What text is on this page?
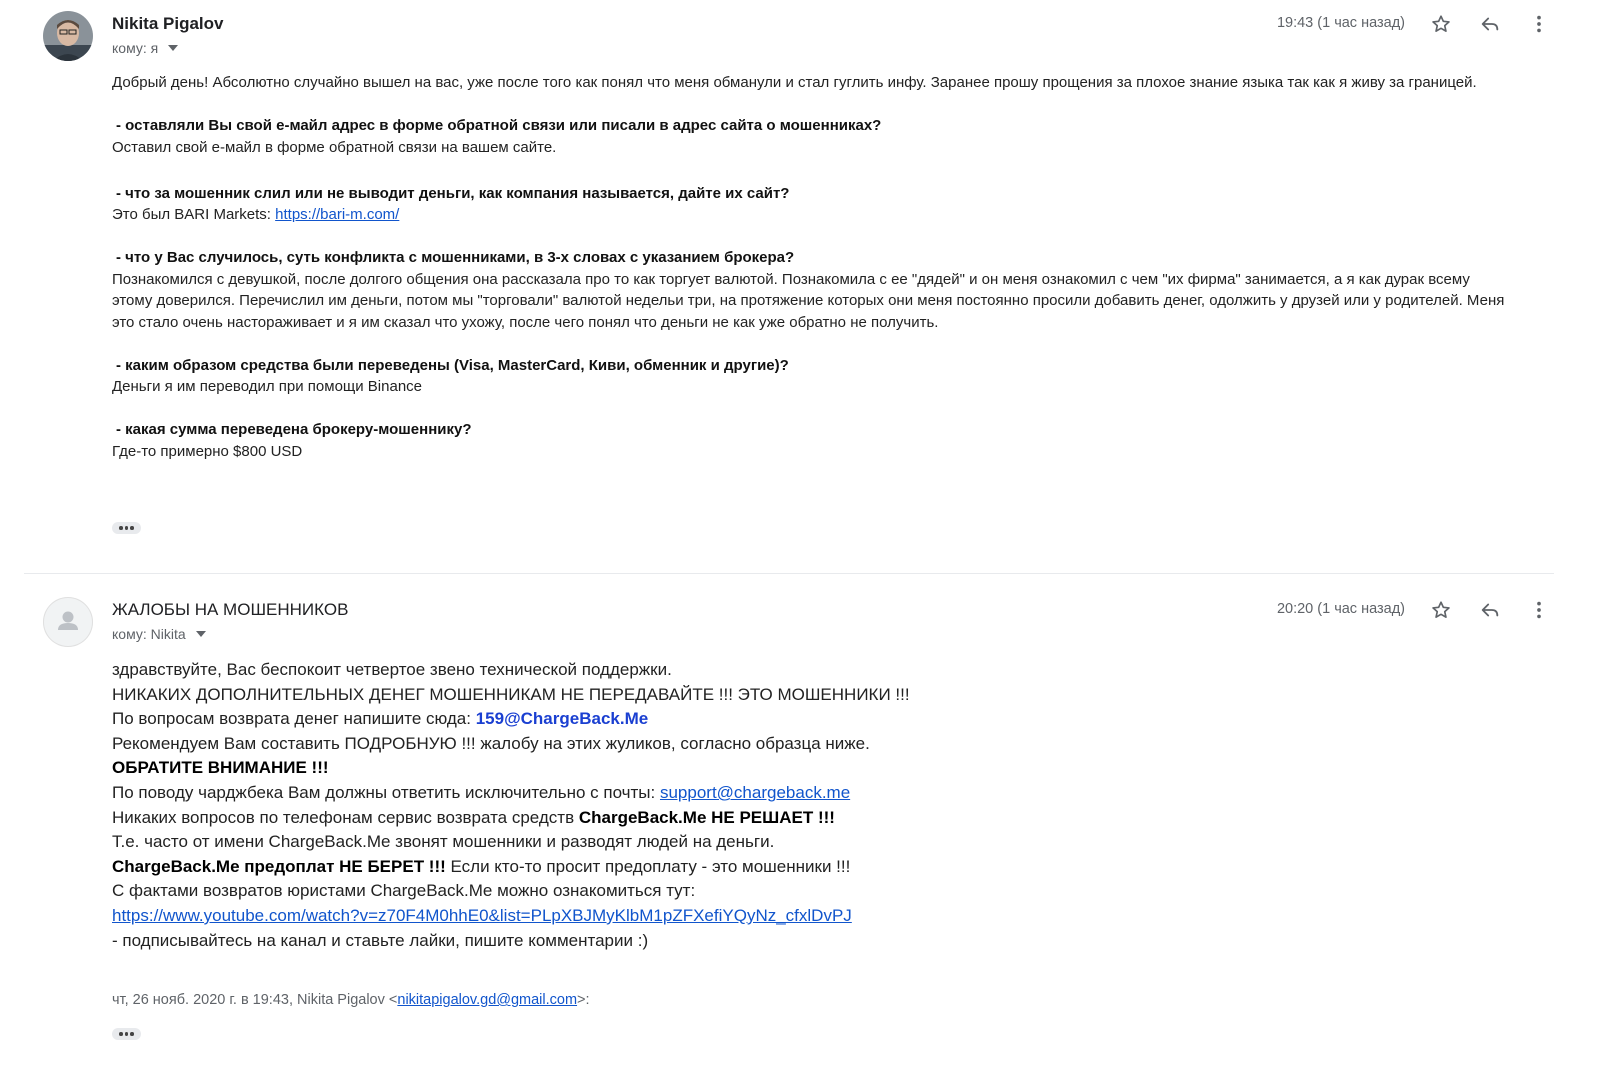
Nikita Pigalov
кому: я
19:43 (1 час назад)

Добрый день! Абсолютно случайно вышел на вас, уже после того как понял что меня обманули и стал гуглить инфу. Заранее прошу прощения за плохое знание языка так как я живу за границей.

- оставляли Вы свой е-майл адрес в форме обратной связи или писали в адрес сайта о мошенниках?

Оставил свой е-майл в форме обратной связи на вашем сайте.

- что за мошенник слил или не выводит деньги, как компания называется, дайте их сайт?

Это был BARI Markets: https://bari-m.com/

- что у Вас случилось, суть конфликта с мошенниками, в 3-х словах с указанием брокера?

Познакомился с девушкой, после долгого общения она рассказала про то как торгует валютой. Познакомила с ее "дядей" и он меня ознакомил с чем "их фирма" занимается, а я как дурак всему этому доверился. Перечислил им деньги, потом мы "торговали" валютой недельи три, на протяжение которых они меня постоянно просили добавить денег, одолжить у друзей или у родителей. Меня это стало очень настораживает и я им сказал что ухожу, после чего понял что деньги не как уже обратно не получить.

- каким образом средства были переведены (Visa, MasterCard, Киви, обменник и другие)?

Деньги я им переводил при помощи Binance

- какая сумма переведена брокеру-мошеннику?

Где-то примерно $800 USD

ЖАЛОБЫ НА МОШЕННИКОВ
кому: Nikita
20:20 (1 час назад)

здравствуйте, Вас беспокоит четвертое звено технической поддержки.

НИКАКИХ ДОПОЛНИТЕЛЬНЫХ ДЕНЕГ МОШЕННИКАМ НЕ ПЕРЕДАВАЙТЕ !!! ЭТО МОШЕННИКИ !!!

По вопросам возврата денег напишите сюда: 159@ChargeBack.Me

Рекомендуем Вам составить ПОДРОБНУЮ !!! жалобу на этих жуликов, согласно образца ниже.

ОБРАТИТЕ ВНИМАНИЕ !!!

По поводу чарджбека Вам должны ответить исключительно с почты: support@chargeback.me

Никаких вопросов по телефонам сервис возврата средств ChargeBack.Me НЕ РЕШАЕТ !!!

Т.е. часто от имени ChargeBack.Me звонят мошенники и разводят людей на деньги.

ChargeBack.Me предоплат НЕ БЕРЕТ !!! Если кто-то просит предоплату - это мошенники !!!

С фактами возвратов юристами ChargeBack.Me можно ознакомиться тут:

https://www.youtube.com/watch?v=z70F4M0hhE0&list=PLpXBJMyKlbM1pZFXefiYQyNz_cfxlDvPJ

- подписывайтесь на канал и ставьте лайки, пишите комментарии :)

чт, 26 нояб. 2020 г. в 19:43, Nikita Pigalov <nikitapigalov.gd@gmail.com>:
